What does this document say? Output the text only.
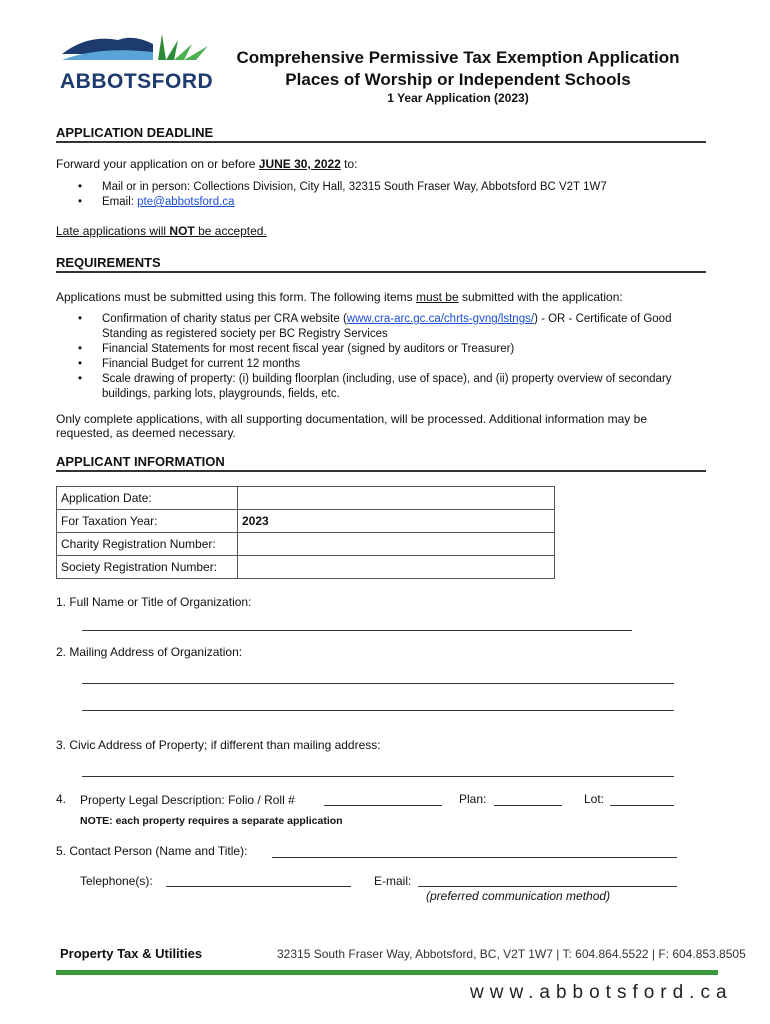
ABBOTSFORD
Comprehensive Permissive Tax Exemption Application
Places of Worship or Independent Schools
1 Year Application (2023)
APPLICATION DEADLINE
Forward your application on or before JUNE 30, 2022 to:
• Mail or in person: Collections Division, City Hall, 32315 South Fraser Way, Abbotsford BC V2T 1W7
• Email: pte@abbotsford.ca
Late applications will NOT be accepted.
REQUIREMENTS
Applications must be submitted using this form. The following items must be submitted with the application:
• Confirmation of charity status per CRA website (www.cra-arc.gc.ca/chrts-gvng/lstngs/) - OR - Certificate of Good
Standing as registered society per BC Registry Services
• Financial Statements for most recent fiscal year (signed by auditors or Treasurer)
• Financial Budget for current 12 months
• Scale drawing of property: (i) building floorplan (including, use of space), and (ii) property overview of secondary
buildings, parking lots, playgrounds, fields, etc.
Only complete applications, with all supporting documentation, will be processed. Additional information may be
requested, as deemed necessary.
APPLICANT INFORMATION
Application Date:	
For Taxation Year:	2023
Charity Registration Number:	
Society Registration Number:	
1. Full Name or Title of Organization:
2. Mailing Address of Organization:
3. Civic Address of Property; if different than mailing address:
4. Property Legal Description: Folio / Roll #	Plan:	Lot:
NOTE: each property requires a separate application
5. Contact Person (Name and Title):
Telephone(s):	E-mail:
(preferred communication method)
Property Tax & Utilities	32315 South Fraser Way, Abbotsford, BC, V2T 1W7 | T: 604.864.5522 | F: 604.853.8505
www.abbotsford.ca
